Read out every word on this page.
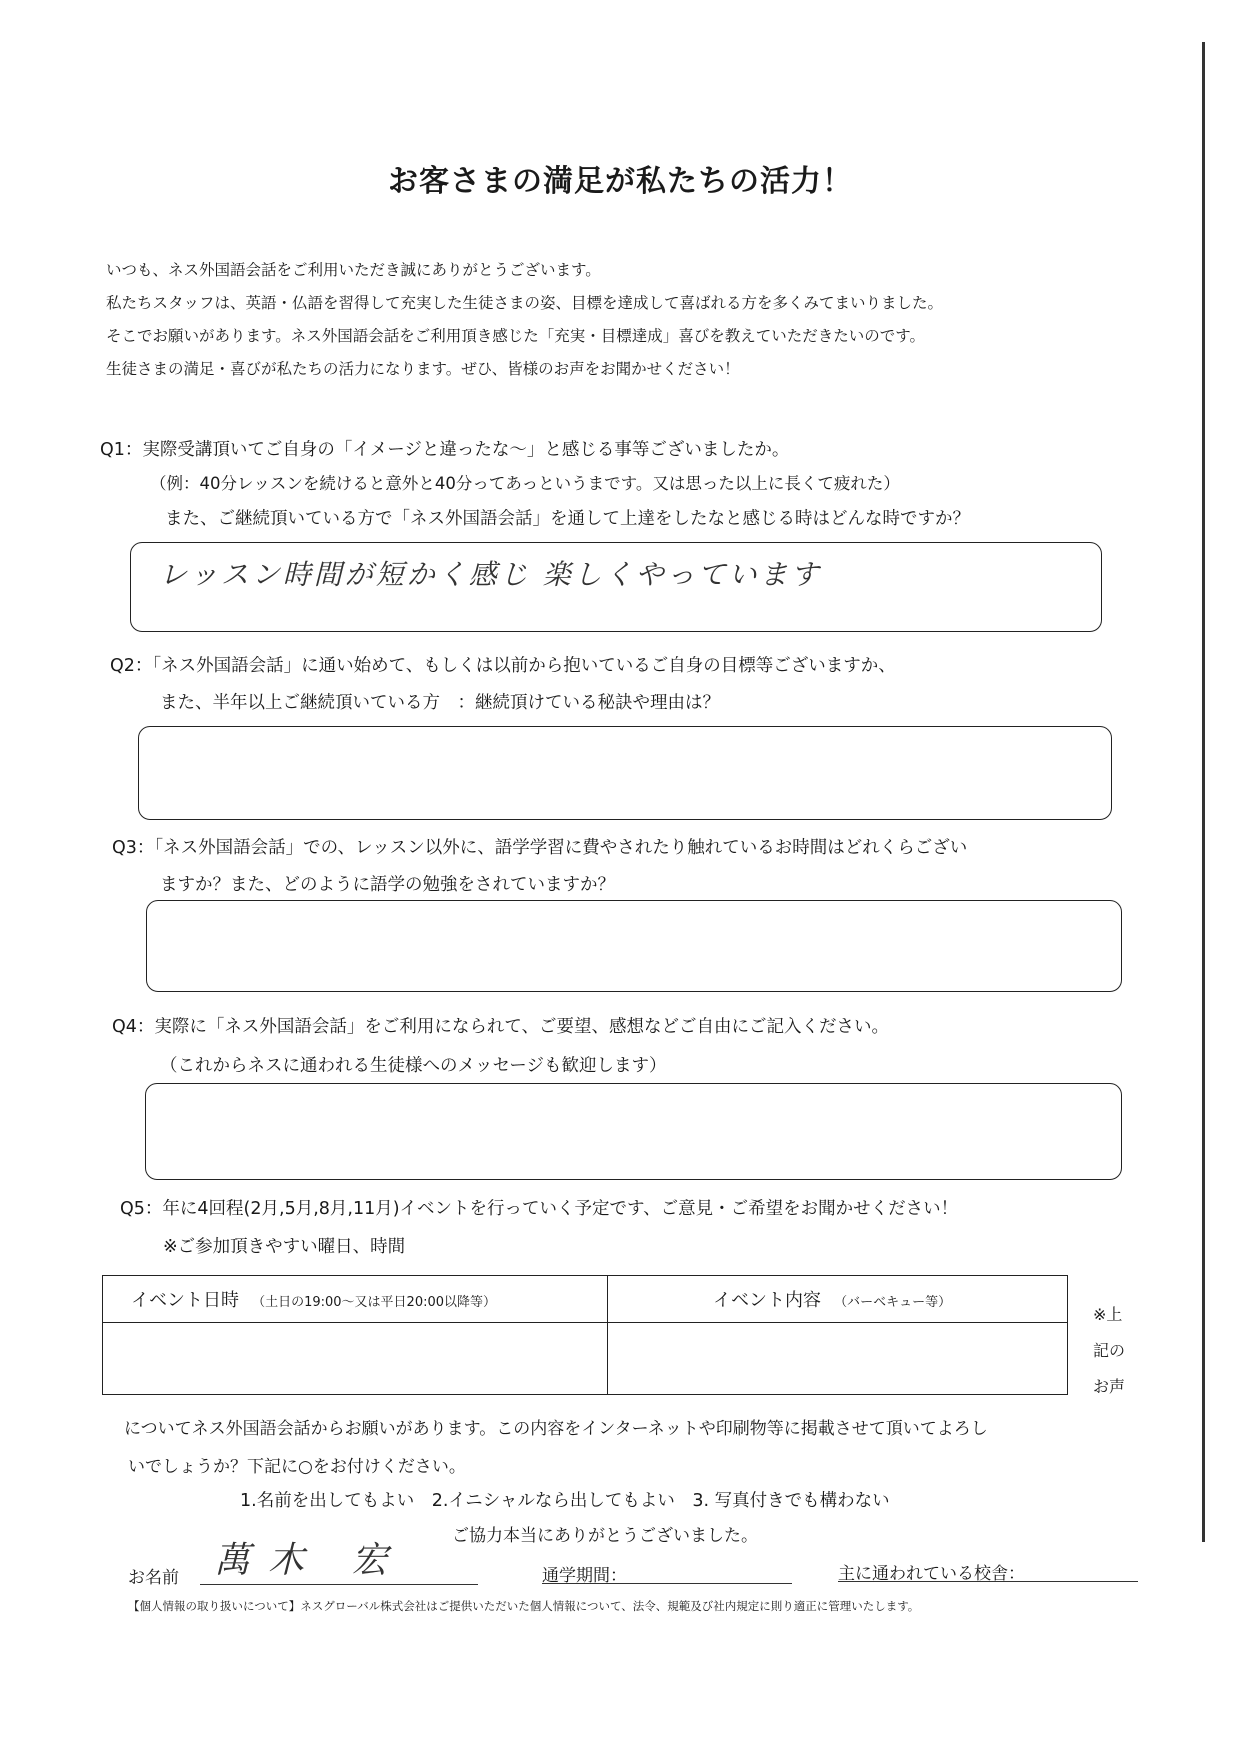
お客さまの満足が私たちの活力！
いつも、ネス外国語会話をご利用いただき誠にありがとうございます。
私たちスタッフは、英語・仏語を習得して充実した生徒さまの姿、目標を達成して喜ばれる方を多くみてまいりました。
そこでお願いがあります。ネス外国語会話をご利用頂き感じた「充実・目標達成」喜びを教えていただきたいのです。
生徒さまの満足・喜びが私たちの活力になります。ぜひ、皆様のお声をお聞かせください！
Q1：実際受講頂いてご自身の「イメージと違ったな～」と感じる事等ございましたか。
（例：40分レッスンを続けると意外と40分ってあっというまです。又は思った以上に長くて疲れた）
また、ご継続頂いている方で「ネス外国語会話」を通して上達をしたなと感じる時はどんな時ですか？
レッスン時間が短かく感じ 楽しくやっています
Q2：「ネス外国語会話」に通い始めて、もしくは以前から抱いているご自身の目標等ございますか、
また、半年以上ご継続頂いている方　：継続頂けている秘訣や理由は？
Q3：「ネス外国語会話」での、レッスン以外に、語学学習に費やされたり触れているお時間はどれくらござい
ますか？また、どのように語学の勉強をされていますか？
Q4：実際に「ネス外国語会話」をご利用になられて、ご要望、感想などご自由にご記入ください。
（これからネスに通われる生徒様へのメッセージも歓迎します）
Q5：年に4回程(2月,5月,8月,11月)イベントを行っていく予定です、ご意見・ご希望をお聞かせください！
※ご参加頂きやすい曜日、時間
イベント日時 （土日の19:00～又は平日20:00以降等）	イベント内容 （バーベキュー等）

※上
記の
お声
についてネス外国語会話からお願いがあります。この内容をインターネットや印刷物等に掲載させて頂いてよろし
いでしょうか？下記に○をお付けください。
1.名前を出してもよい　2.イニシャルなら出してもよい　3. 写真付きでも構わない
ご協力本当にありがとうございました。
お名前 萬木 宏	通学期間：	主に通われている校舎：
【個人情報の取り扱いについて】ネスグローバル株式会社はご提供いただいた個人情報について、法令、規範及び社内規定に則り適正に管理いたします。
